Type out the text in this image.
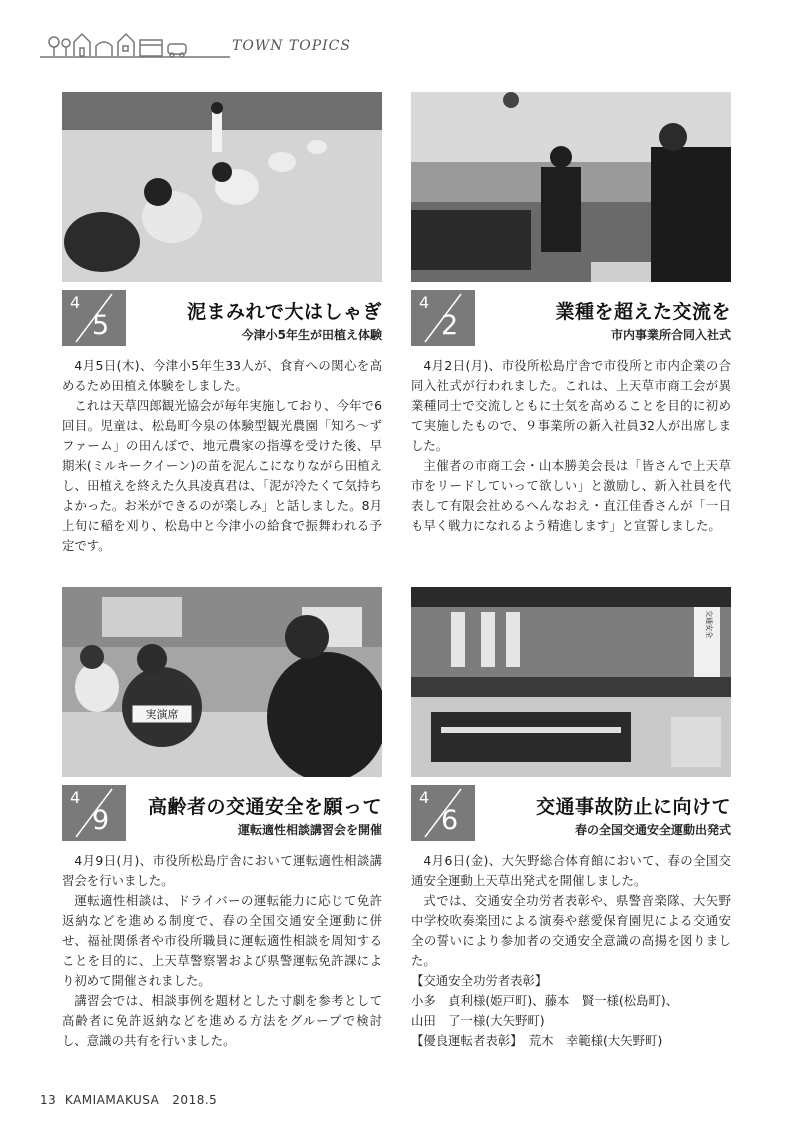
TOWN TOPICS
4
5	泥まみれで大はしゃぎ
今津小5年生が田植え体験

4月5日(木)、今津小5年生33人が、食育への関心を高めるため田植え体験をしました。

これは天草四郎観光協会が毎年実施しており、今年で6回目。児童は、松島町今泉の体験型観光農園「知ろ～ずファーム」の田んぼで、地元農家の指導を受けた後、早期米(ミルキークイーン)の苗を泥んこになりながら田植えし、田植えを終えた久具凌真君は、「泥が冷たくて気持ちよかった。お米ができるのが楽しみ」と話しました。8月上旬に稲を刈り、松島中と今津小の給食で振舞われる予定です。

4
2	業種を超えた交流を
市内事業所合同入社式

4月2日(月)、市役所松島庁舎で市役所と市内企業の合同入社式が行われました。これは、上天草市商工会が異業種同士で交流しともに士気を高めることを目的に初めて実施したもので、９事業所の新入社員32人が出席しました。

主催者の市商工会・山本勝美会長は「皆さんで上天草市をリードしていって欲しい」と激励し、新入社員を代表して有限会社めるへんなおえ・直江佳香さんが「一日も早く戦力になれるよう精進します」と宣誓しました。

実演席
4
9	高齢者の交通安全を願って
運転適性相談講習会を開催

4月9日(月)、市役所松島庁舎において運転適性相談講習会を行いました。

運転適性相談は、ドライバーの運転能力に応じて免許返納などを進める制度で、春の全国交通安全運動に併せ、福祉関係者や市役所職員に運転適性相談を周知することを目的に、上天草警察署および県警運転免許課により初めて開催されました。

講習会では、相談事例を題材とした寸劇を参考として高齢者に免許返納などを進める方法をグループで検討し、意識の共有を行いました。

交通安全
4
6	交通事故防止に向けて
春の全国交通安全運動出発式

4月6日(金)、大矢野総合体育館において、春の全国交通安全運動上天草出発式を開催しました。

式では、交通安全功労者表彰や、県警音楽隊、大矢野中学校吹奏楽団による演奏や慈愛保育園児による交通安全の誓いにより参加者の交通安全意識の高揚を図りました。

【交通安全功労者表彰】

小多　貞利様(姫戸町)、藤本　賢一様(松島町)、

山田　了一様(大矢野町)

【優良運転者表彰】　荒木　幸範様(大矢野町)

13 KAMIAMAKUSA 2018.5
